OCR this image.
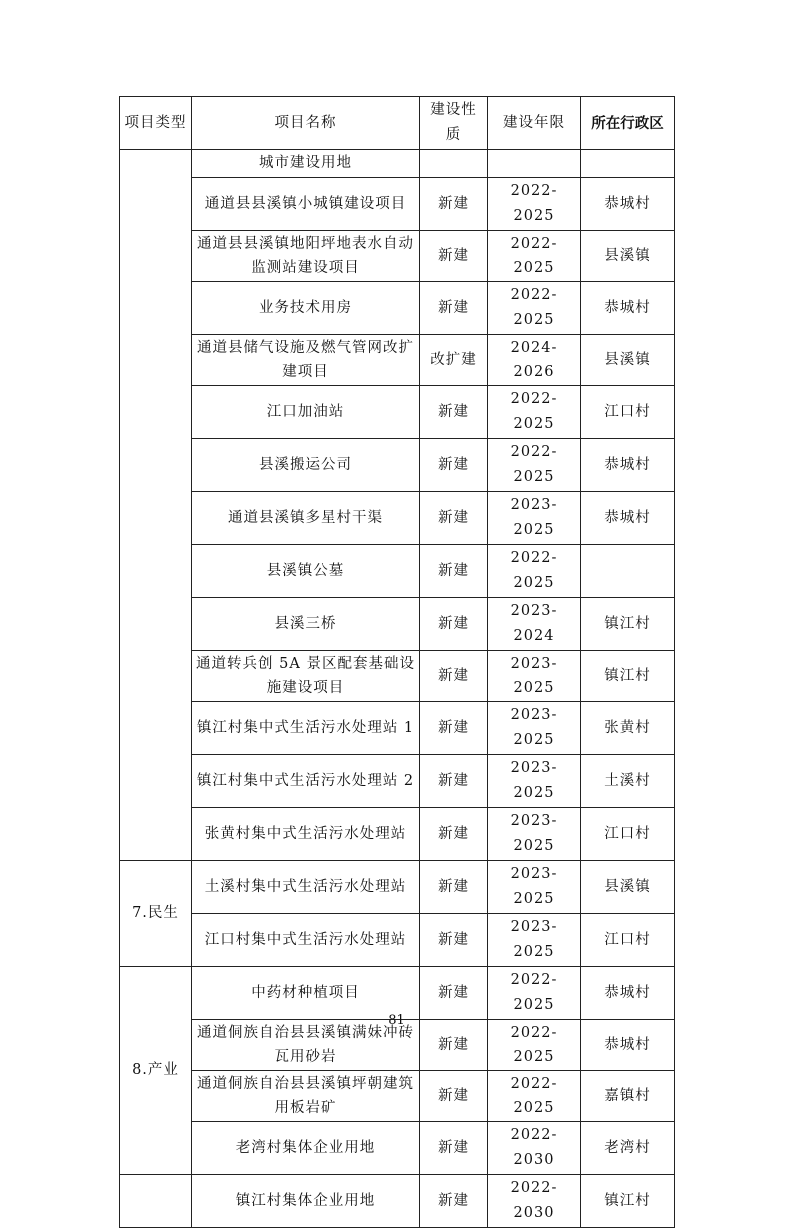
项目类型	项目名称	建设性质	建设年限	所在行政区
	城市建设用地			
	通道县县溪镇小城镇建设项目	新建	2022-2025	恭城村
	通道县县溪镇地阳坪地表水自动监测站建设项目	新建	2022-2025	县溪镇
	业务技术用房	新建	2022-2025	恭城村
	通道县储气设施及燃气管网改扩建项目	改扩建	2024-2026	县溪镇
	江口加油站	新建	2022-2025	江口村
	县溪搬运公司	新建	2022-2025	恭城村
	通道县溪镇多星村干渠	新建	2023-2025	恭城村
	县溪镇公墓	新建	2022-2025	
	县溪三桥	新建	2023-2024	镇江村
	通道转兵创 5A 景区配套基础设施建设项目	新建	2023-2025	镇江村
	镇江村集中式生活污水处理站 1	新建	2023-2025	张黄村
	镇江村集中式生活污水处理站 2	新建	2023-2025	土溪村
	张黄村集中式生活污水处理站	新建	2023-2025	江口村
7.民生	土溪村集中式生活污水处理站	新建	2023-2025	县溪镇
	江口村集中式生活污水处理站	新建	2023-2025	江口村
8.产业	中药材种植项目	新建	2022-2025	恭城村
	通道侗族自治县县溪镇满妹冲砖瓦用砂岩	新建	2022-2025	恭城村
	通道侗族自治县县溪镇坪朝建筑用板岩矿	新建	2022-2025	嘉镇村
	老湾村集体企业用地	新建	2022-2030	老湾村
	镇江村集体企业用地	新建	2022-2030	镇江村
81
